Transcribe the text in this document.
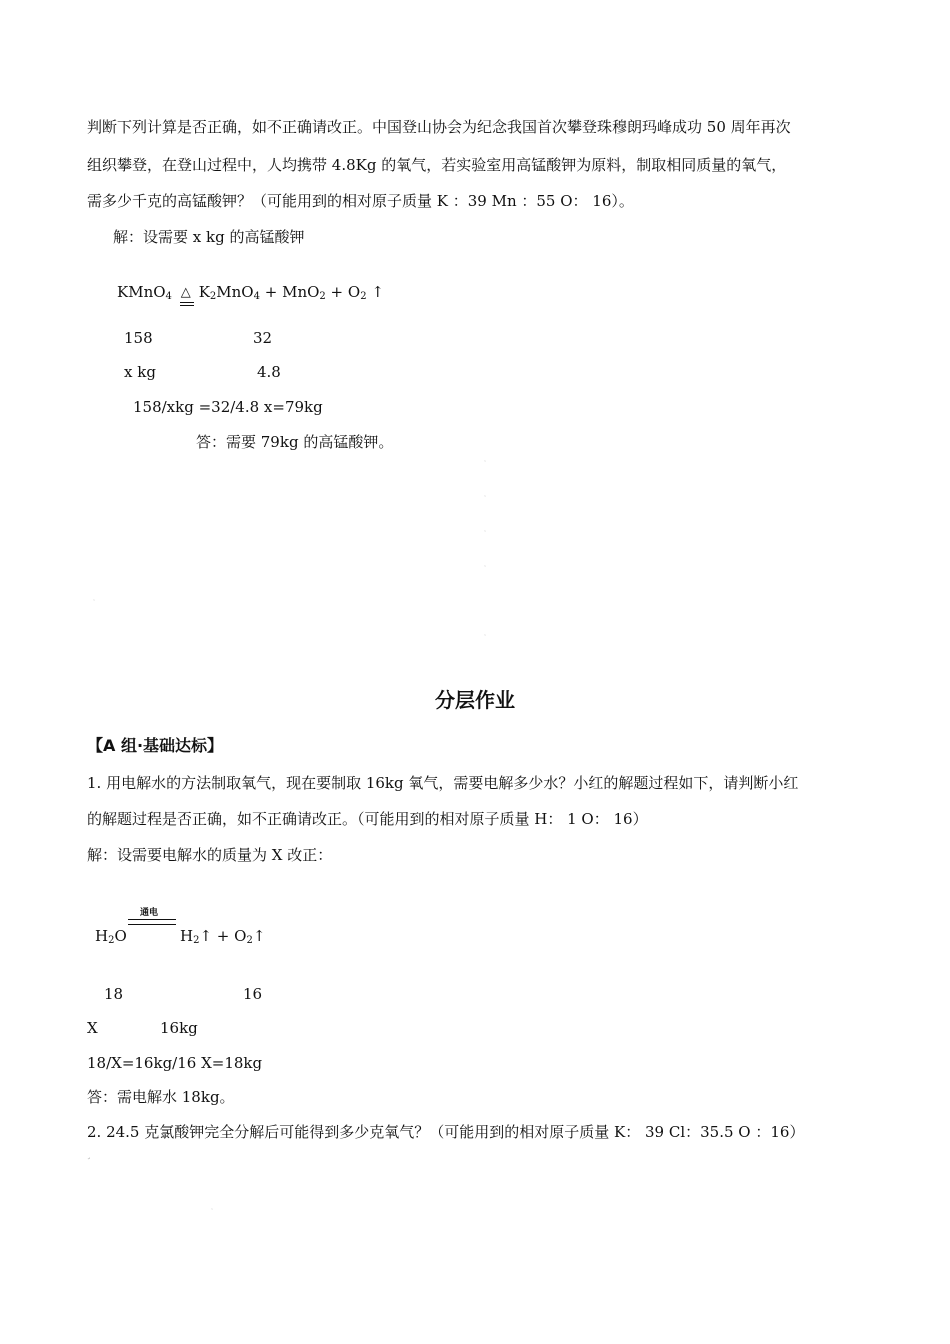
判断下列计算是否正确，如不正确请改正。中国登山协会为纪念我国首次攀登珠穆朗玛峰成功 50 周年再次
组织攀登，在登山过程中，人均携带 4.8Kg 的氧气，若实验室用高锰酸钾为原料，制取相同质量的氧气，
需多少千克的高锰酸钾？（可能用到的相对原子质量 K ：39 Mn ：55 O： 16）。
解：设需要 x kg 的高锰酸钾
KMnO$_4$ △ $K_2MnO_4 + MnO_2 + O_2$ ↑
158	32
x kg	4.8
158/xkg =32/4.8 x=79kg
答：需要 79kg 的高锰酸钾。
˜
˜
˜
˜
˜
˜
分层作业
【A 组·基础达标】
1. 用电解水的方法制取氧气，现在要制取 16kg 氧气，需要电解多少水？小红的解题过程如下，请判断小红
的解题过程是否正确，如不正确请改正。（可能用到的相对原子质量 H： 1 O： 16）
解：设需要电解水的质量为 X 改正：
通电
$H_2O$	$H_2↑$ + $O_2↑$
18	16
X	16kg
18/X=16kg/16 X=18kg
答：需电解水 18kg。
2. 24.5 克氯酸钾完全分解后可能得到多少克氧气？（可能用到的相对原子质量 K： 39 Cl：35.5 O ：16）
↵
˜
